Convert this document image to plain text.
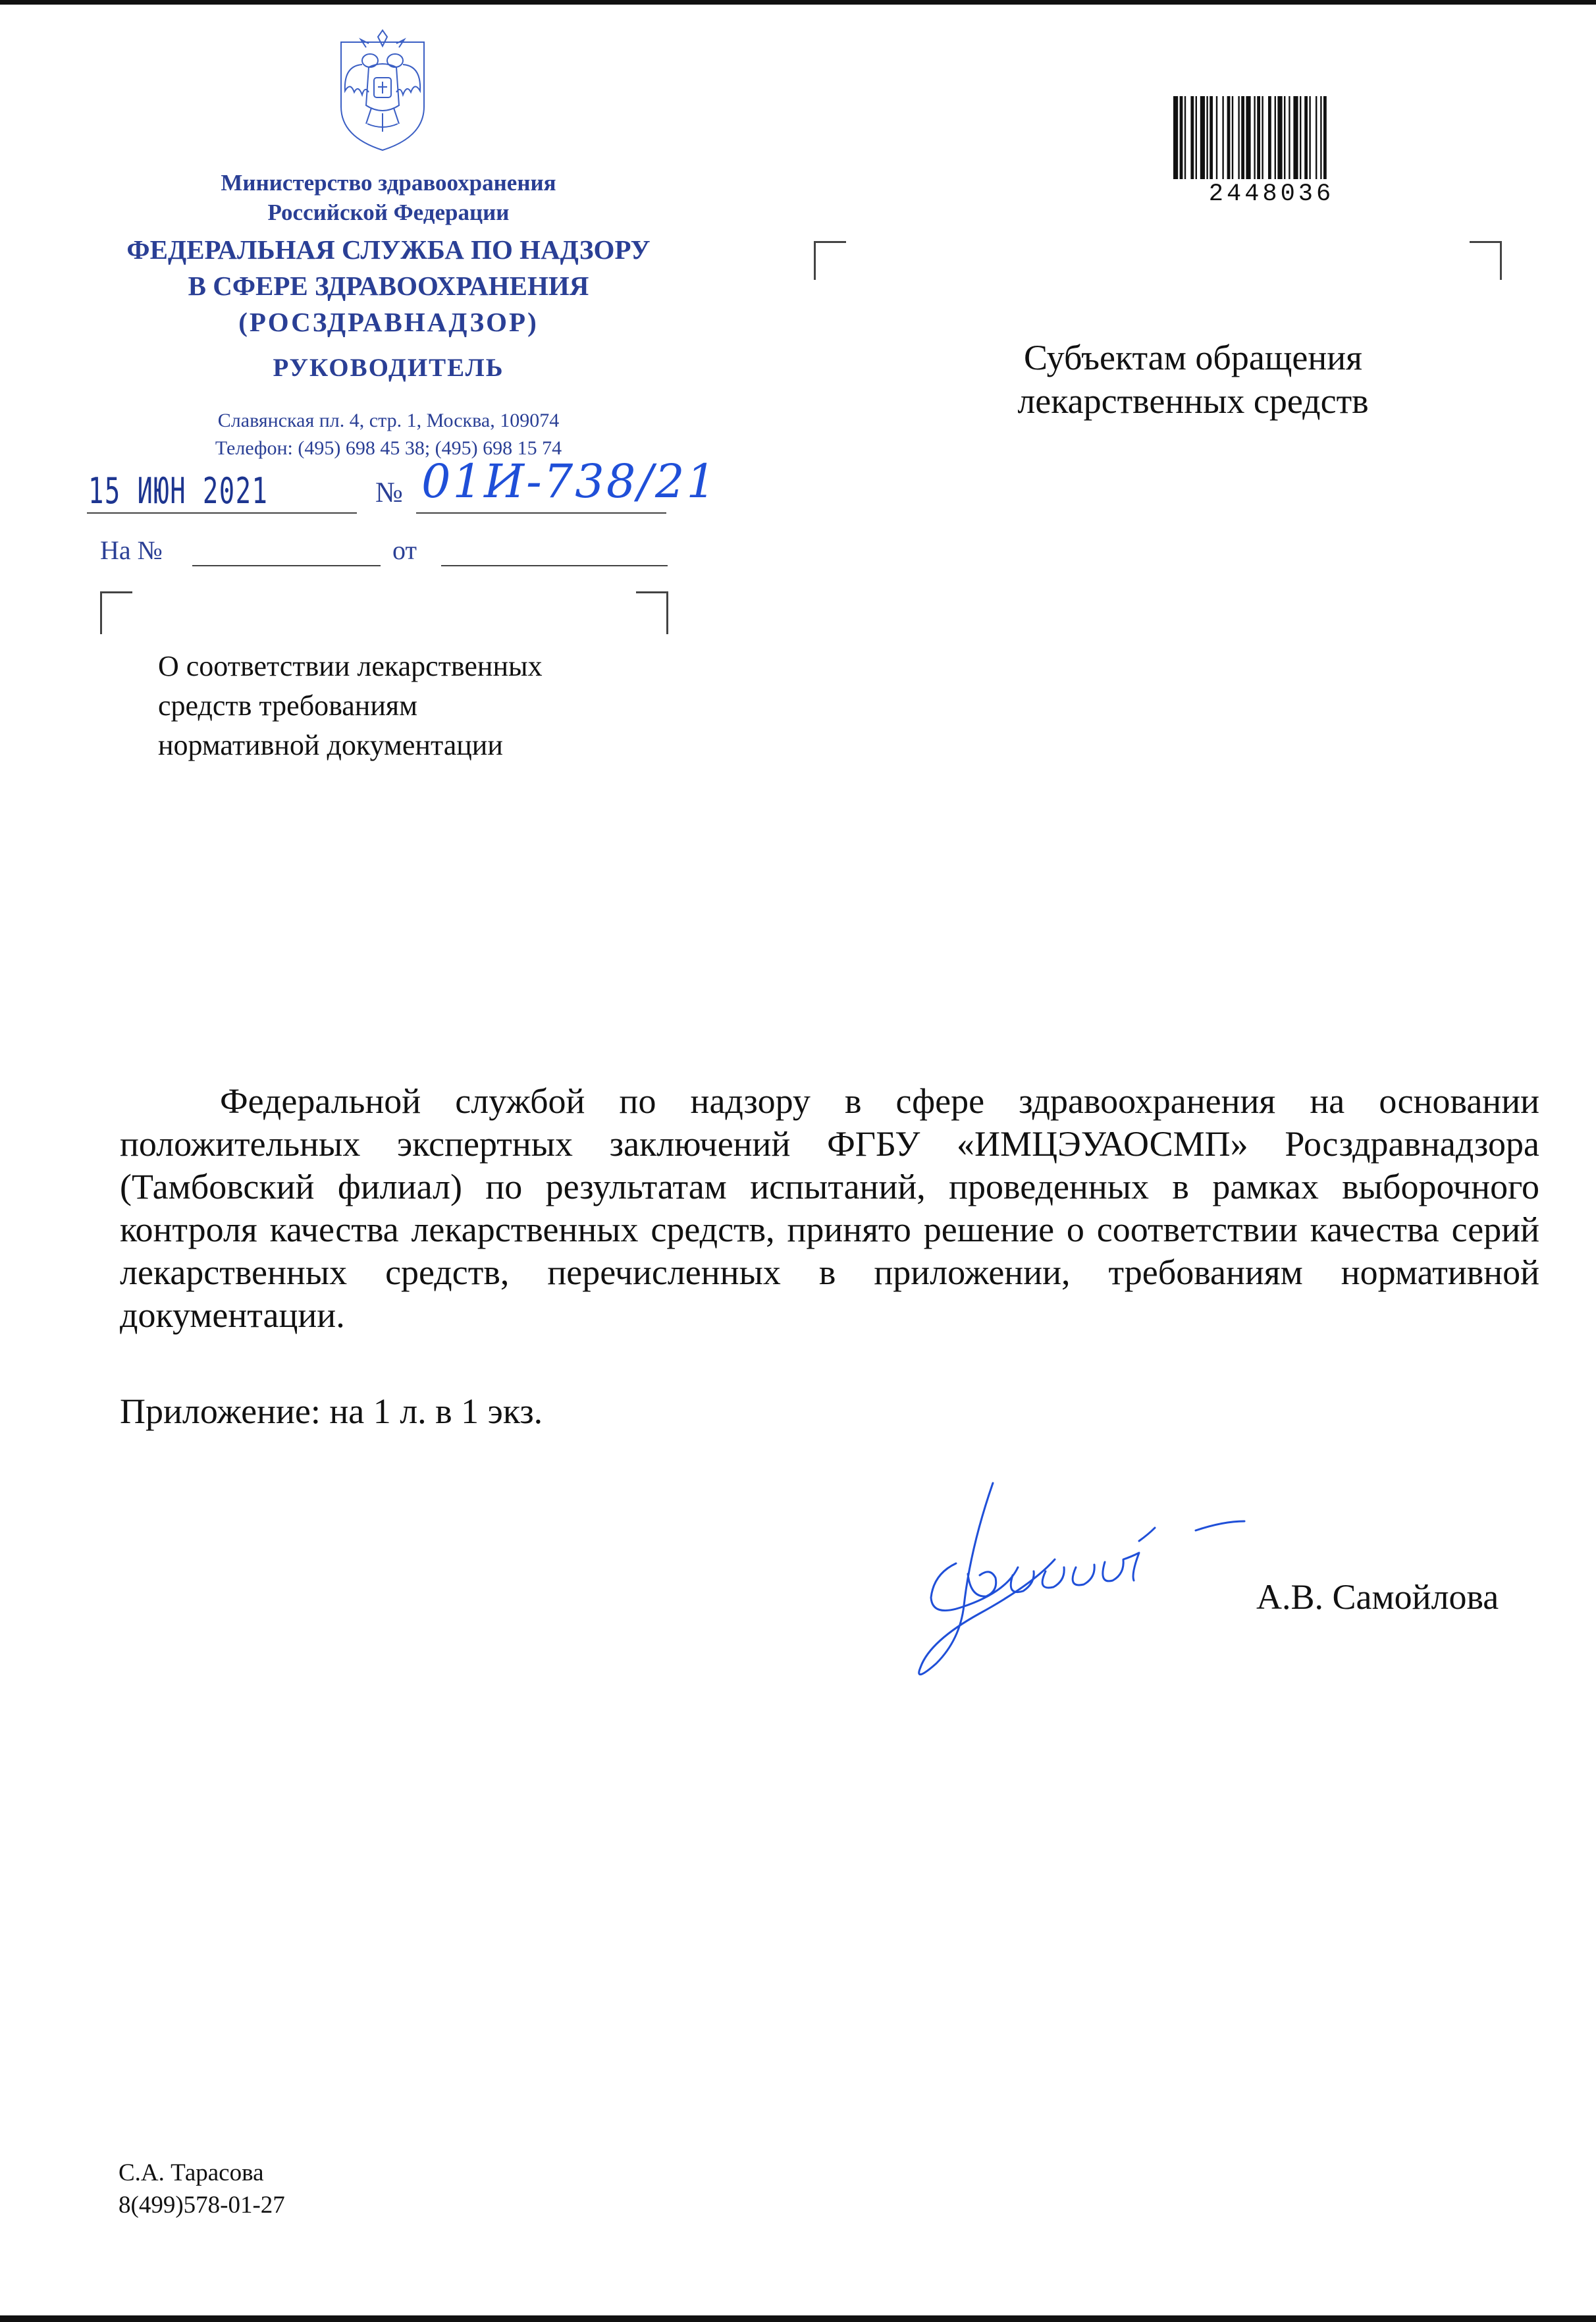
Министерство здравоохранения
Российской Федерации
ФЕДЕРАЛЬНАЯ СЛУЖБА ПО НАДЗОРУ
В СФЕРЕ ЗДРАВООХРАНЕНИЯ
(РОСЗДРАВНАДЗОР)
РУКОВОДИТЕЛЬ
Славянская пл. 4, стр. 1, Москва, 109074
Телефон: (495) 698 45 38; (495) 698 15 74
15 ИЮН 2021	№ 01И-738/21
На №	от
2448036
Субъектам обращения
лекарственных средств
О соответствии лекарственных
средств требованиям
нормативной документации

Федеральной службой по надзору в сфере здравоохранения на основании положительных экспертных заключений ФГБУ «ИМЦЭУАОСМП» Росздравнадзора (Тамбовский филиал) по результатам испытаний, проведенных в рамках выборочного контроля качества лекарственных средств, принято решение о соответствии качества серий лекарственных средств, перечисленных в приложении, требованиям нормативной документации.

Приложение: на 1 л. в 1 экз.
А.В. Самойлова
С.А. Тарасова
8(499)578-01-27
